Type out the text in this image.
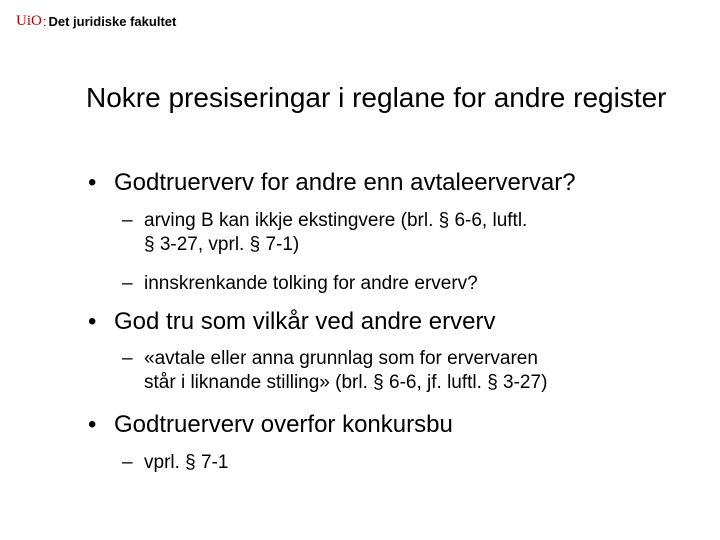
UiO : Det juridiske fakultet
Nokre presiseringar i reglane for andre register
• Godtruerverv for andre enn avtaleervervar?
– arving B kan ikkje ekstingvere (brl. § 6-6, luftl.
§ 3‑27, vprl. § 7-1)
– innskrenkande tolking for andre erverv?
• God tru som vilkår ved andre erverv
– «avtale eller anna grunnlag som for ervervaren
står i liknande stilling» (brl. § 6-6, jf. luftl. § 3-27)
• Godtruerverv overfor konkursbu
– vprl. § 7-1
